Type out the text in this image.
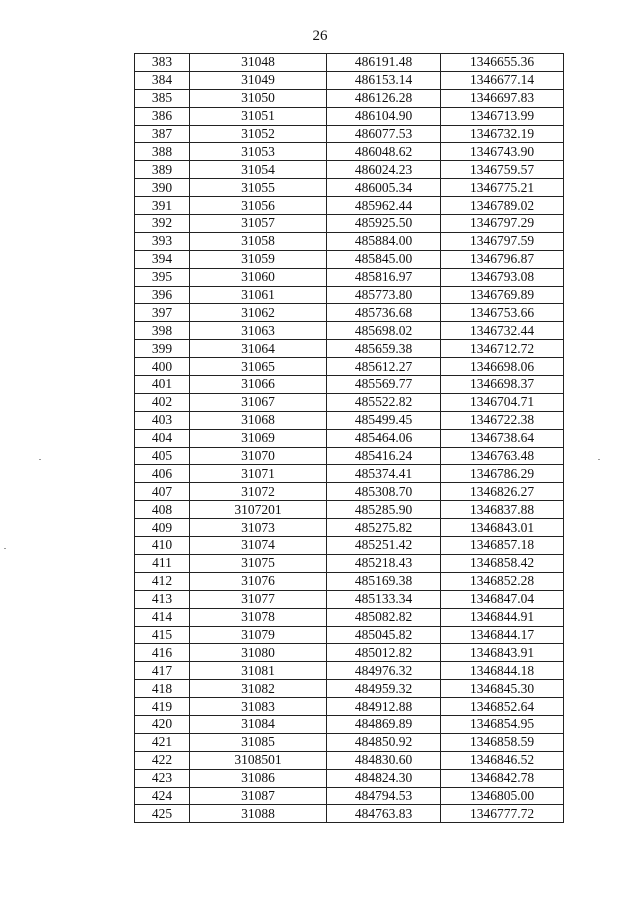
26
383	31048	486191.48	1346655.36
384	31049	486153.14	1346677.14
385	31050	486126.28	1346697.83
386	31051	486104.90	1346713.99
387	31052	486077.53	1346732.19
388	31053	486048.62	1346743.90
389	31054	486024.23	1346759.57
390	31055	486005.34	1346775.21
391	31056	485962.44	1346789.02
392	31057	485925.50	1346797.29
393	31058	485884.00	1346797.59
394	31059	485845.00	1346796.87
395	31060	485816.97	1346793.08
396	31061	485773.80	1346769.89
397	31062	485736.68	1346753.66
398	31063	485698.02	1346732.44
399	31064	485659.38	1346712.72
400	31065	485612.27	1346698.06
401	31066	485569.77	1346698.37
402	31067	485522.82	1346704.71
403	31068	485499.45	1346722.38
404	31069	485464.06	1346738.64
405	31070	485416.24	1346763.48
406	31071	485374.41	1346786.29
407	31072	485308.70	1346826.27
408	3107201	485285.90	1346837.88
409	31073	485275.82	1346843.01
410	31074	485251.42	1346857.18
411	31075	485218.43	1346858.42
412	31076	485169.38	1346852.28
413	31077	485133.34	1346847.04
414	31078	485082.82	1346844.91
415	31079	485045.82	1346844.17
416	31080	485012.82	1346843.91
417	31081	484976.32	1346844.18
418	31082	484959.32	1346845.30
419	31083	484912.88	1346852.64
420	31084	484869.89	1346854.95
421	31085	484850.92	1346858.59
422	3108501	484830.60	1346846.52
423	31086	484824.30	1346842.78
424	31087	484794.53	1346805.00
425	31088	484763.83	1346777.72
